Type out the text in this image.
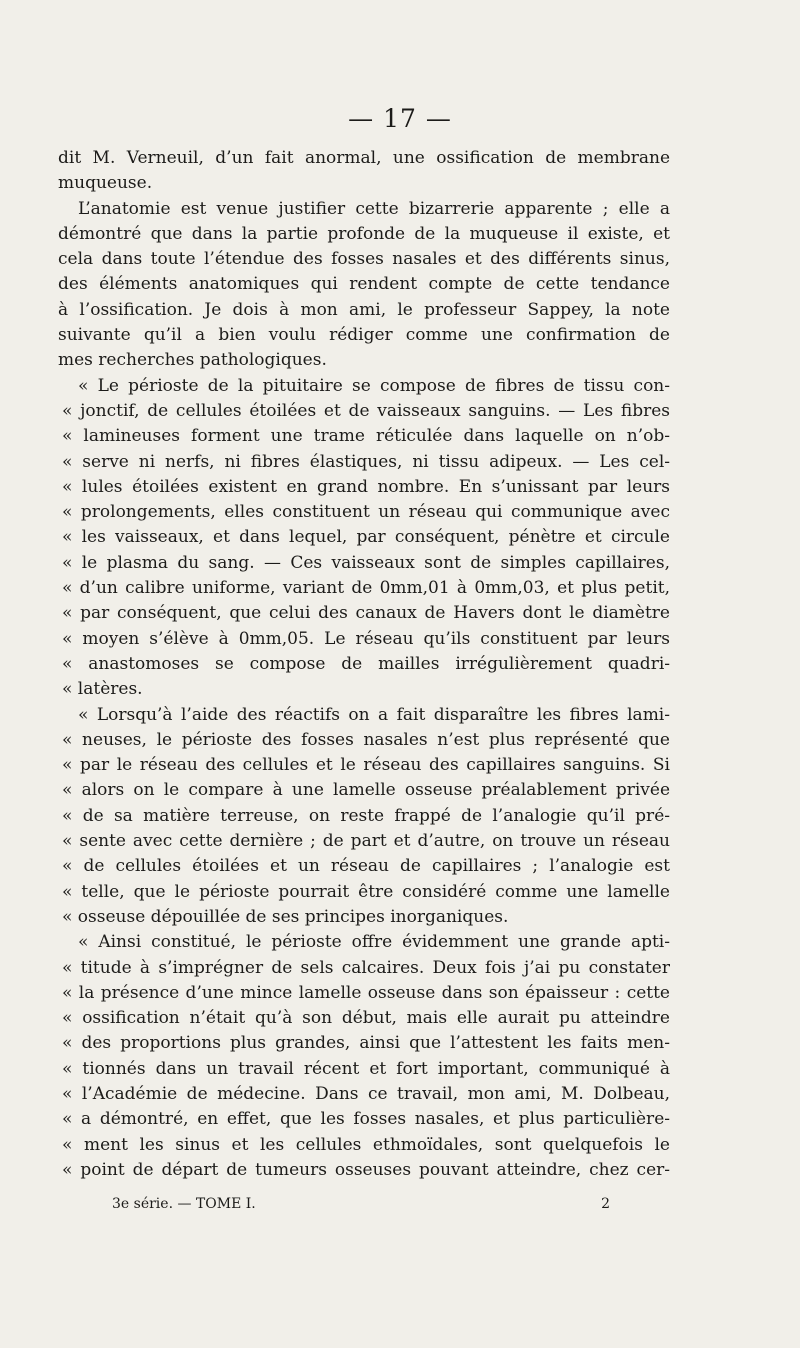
— 17 —
dit M. Verneuil, d’un fait anormal, une ossification de membrane
muqueuse.
L’anatomie est venue justifier cette bizarrerie apparente ; elle a
démontré que dans la partie profonde de la muqueuse il existe, et
cela dans toute l’étendue des fosses nasales et des différents sinus,
des éléments anatomiques qui rendent compte de cette tendance
à l’ossification. Je dois à mon ami, le professeur Sappey, la note
suivante qu’il a bien voulu rédiger comme une confirmation de
mes recherches pathologiques.
« Le périoste de la pituitaire se compose de fibres de tissu con-
« jonctif, de cellules étoilées et de vaisseaux sanguins. — Les fibres
« lamineuses forment une trame réticulée dans laquelle on n’ob-
« serve ni nerfs, ni fibres élastiques, ni tissu adipeux. — Les cel-
« lules étoilées existent en grand nombre. En s’unissant par leurs
« prolongements, elles constituent un réseau qui communique avec
« les vaisseaux, et dans lequel, par conséquent, pénètre et circule
« le plasma du sang. — Ces vaisseaux sont de simples capillaires,
« d’un calibre uniforme, variant de 0mm,01 à 0mm,03, et plus petit,
« par conséquent, que celui des canaux de Havers dont le diamètre
« moyen s’élève à 0mm,05. Le réseau qu’ils constituent par leurs
« anastomoses se compose de mailles irrégulièrement quadri-
« latères.
« Lorsqu’à l’aide des réactifs on a fait disparaître les fibres lami-
« neuses, le périoste des fosses nasales n’est plus représenté que
« par le réseau des cellules et le réseau des capillaires sanguins. Si
« alors on le compare à une lamelle osseuse préalablement privée
« de sa matière terreuse, on reste frappé de l’analogie qu’il pré-
« sente avec cette dernière ; de part et d’autre, on trouve un réseau
« de cellules étoilées et un réseau de capillaires ; l’analogie est
« telle, que le périoste pourrait être considéré comme une lamelle
« osseuse dépouillée de ses principes inorganiques.
« Ainsi constitué, le périoste offre évidemment une grande apti-
« titude à s’imprégner de sels calcaires. Deux fois j’ai pu constater
« la présence d’une mince lamelle osseuse dans son épaisseur : cette
« ossification n’était qu’à son début, mais elle aurait pu atteindre
« des proportions plus grandes, ainsi que l’attestent les faits men-
« tionnés dans un travail récent et fort important, communiqué à
« l’Académie de médecine. Dans ce travail, mon ami, M. Dolbeau,
« a démontré, en effet, que les fosses nasales, et plus particulière-
« ment les sinus et les cellules ethmoïdales, sont quelquefois le
« point de départ de tumeurs osseuses pouvant atteindre, chez cer-
3e série. — TOME I.	2
